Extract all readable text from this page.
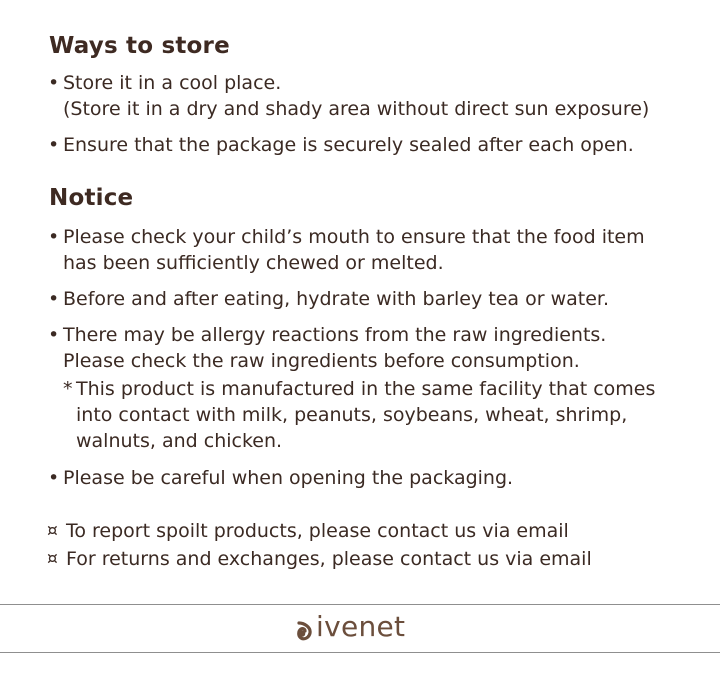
Ways to store
• Store it in a cool place.
(Store it in a dry and shady area without direct sun exposure)
• Ensure that the package is securely sealed after each open.
Notice
• Please check your child’s mouth to ensure that the food item
has been sufficiently chewed or melted.
• Before and after eating, hydrate with barley tea or water.
• There may be allergy reactions from the raw ingredients.
Please check the raw ingredients before consumption.
* This product is manufactured in the same facility that comes
into contact with milk, peanuts, soybeans, wheat, shrimp,
walnuts, and chicken.
• Please be careful when opening the packaging.
¤ To report spoilt products, please contact us via email
¤ For returns and exchanges, please contact us via email
ivenet
